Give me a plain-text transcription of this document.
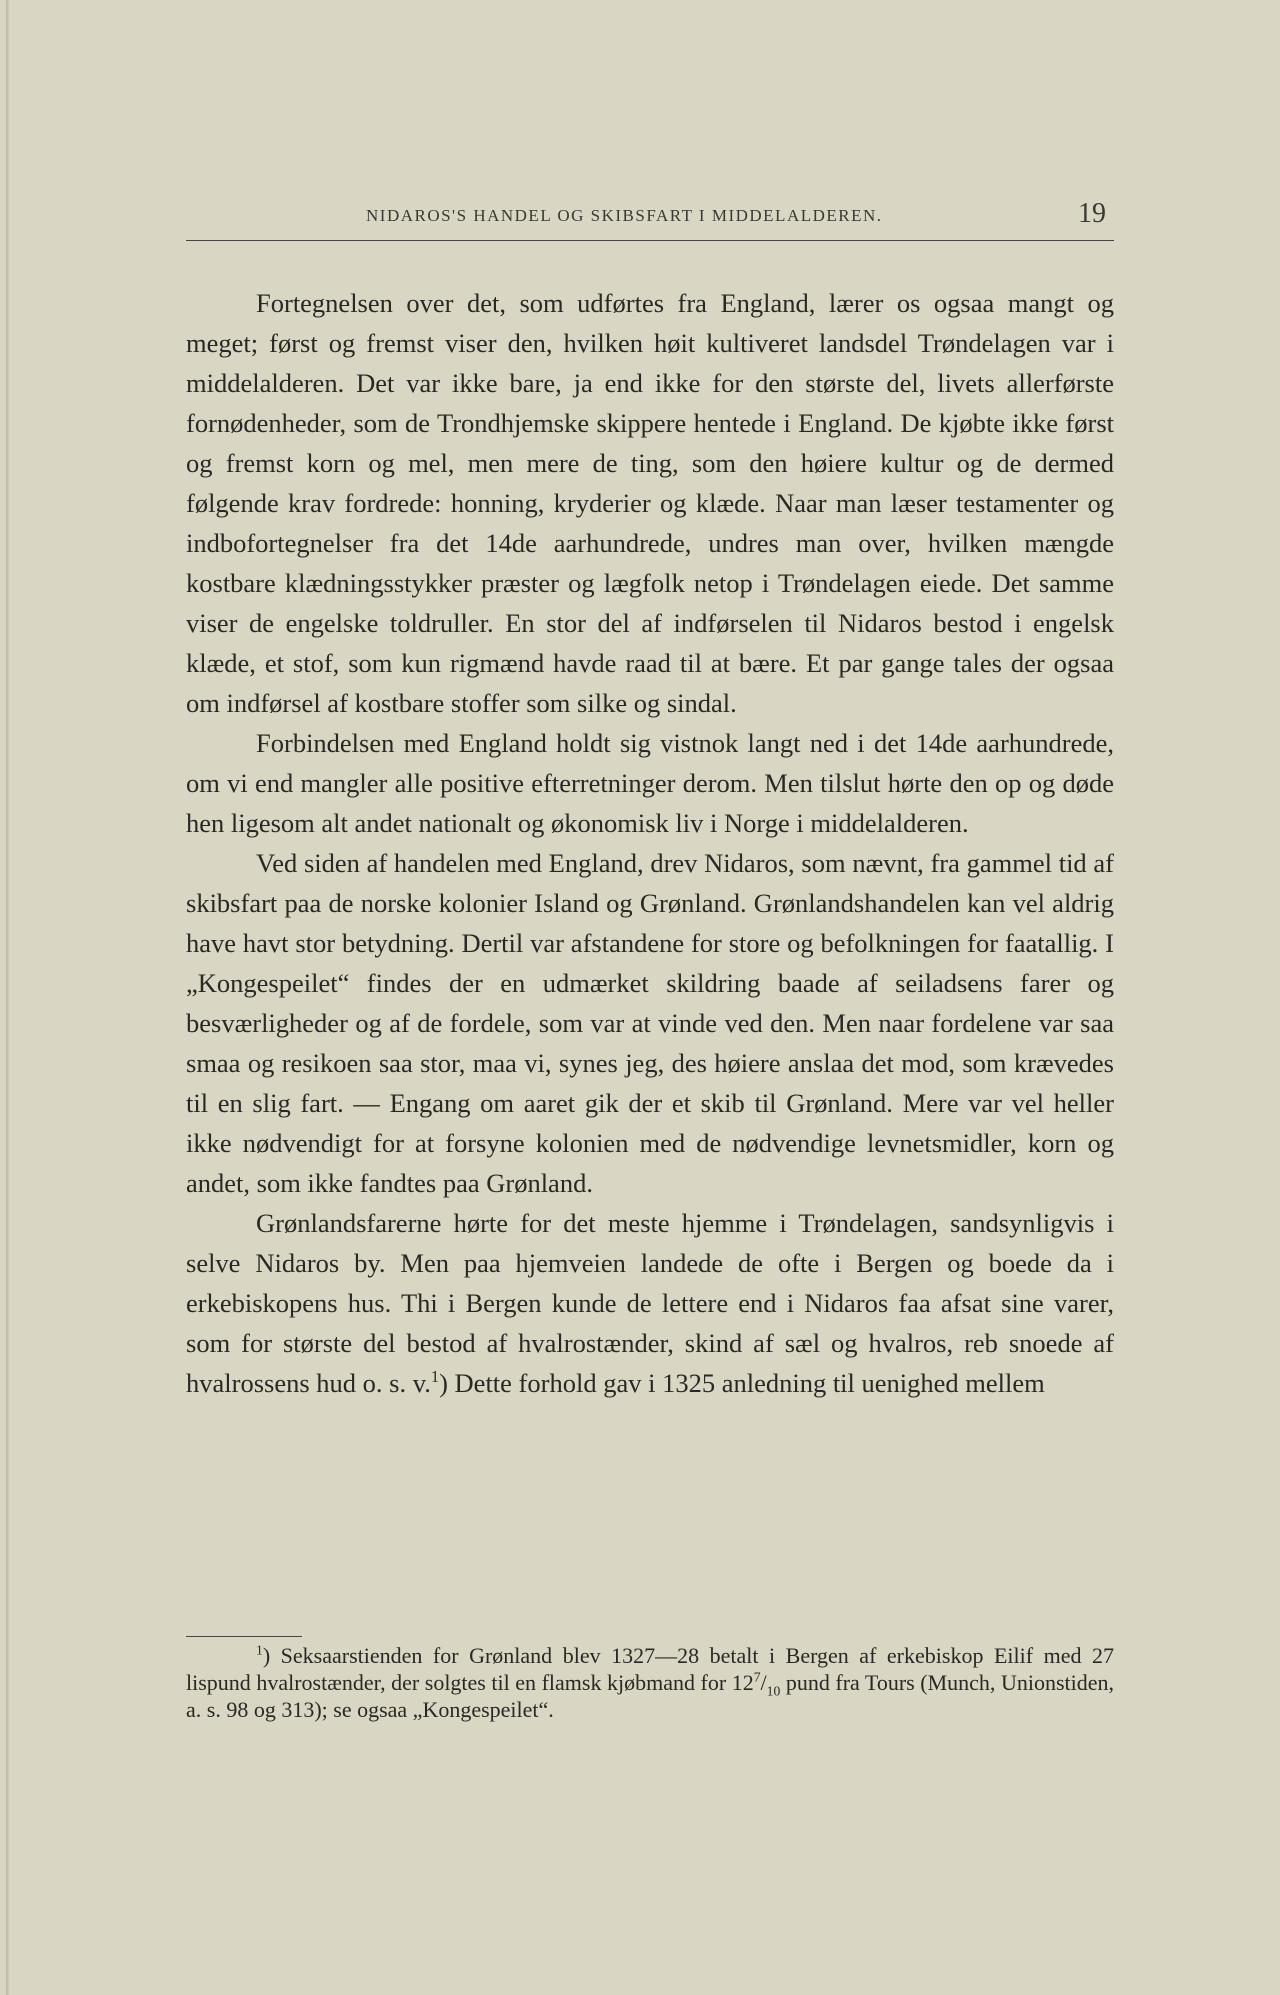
NIDAROS'S HANDEL OG SKIBSFART I MIDDELALDEREN.	19

Fortegnelsen over det, som udførtes fra England, lærer os ogsaa mangt og meget; først og fremst viser den, hvilken høit kultiveret landsdel Trøndelagen var i middelalderen. Det var ikke bare, ja end ikke for den største del, livets allerførste fornødenheder, som de Trondhjemske skippere hentede i England. De kjøbte ikke først og fremst korn og mel, men mere de ting, som den høiere kultur og de dermed følgende krav fordrede: honning, kryderier og klæde. Naar man læser testamenter og indbofortegnelser fra det 14de aarhundrede, undres man over, hvilken mængde kostbare klædningsstykker præster og lægfolk netop i Trøndelagen eiede. Det samme viser de engelske toldruller. En stor del af indførselen til Nidaros bestod i engelsk klæde, et stof, som kun rigmænd havde raad til at bære. Et par gange tales der ogsaa om indførsel af kostbare stoffer som silke og sindal.

Forbindelsen med England holdt sig vistnok langt ned i det 14de aarhundrede, om vi end mangler alle positive efterretninger derom. Men tilslut hørte den op og døde hen ligesom alt andet nationalt og økonomisk liv i Norge i middelalderen.

Ved siden af handelen med England, drev Nidaros, som nævnt, fra gammel tid af skibsfart paa de norske kolonier Island og Grønland. Grønlandshandelen kan vel aldrig have havt stor betydning. Dertil var afstandene for store og befolkningen for faatallig. I „Kongespeilet“ findes der en udmærket skildring baade af seiladsens farer og besværligheder og af de fordele, som var at vinde ved den. Men naar fordelene var saa smaa og resikoen saa stor, maa vi, synes jeg, des høiere anslaa det mod, som krævedes til en slig fart. — Engang om aaret gik der et skib til Grønland. Mere var vel heller ikke nødvendigt for at forsyne kolonien med de nødvendige levnetsmidler, korn og andet, som ikke fandtes paa Grønland.

Grønlandsfarerne hørte for det meste hjemme i Trøndelagen, sandsynligvis i selve Nidaros by. Men paa hjemveien landede de ofte i Bergen og boede da i erkebiskopens hus. Thi i Bergen kunde de lettere end i Nidaros faa afsat sine varer, som for største del bestod af hvalrostænder, skind af sæl og hvalros, reb snoede af hvalrossens hud o. s. v.$^1$) Dette forhold gav i 1325 anledning til uenighed mellem

$^1$) Seksaarstienden for Grønland blev 1327—28 betalt i Bergen af erkebiskop Eilif med 27 lispund hvalrostænder, der solgtes til en flamsk kjøbmand for $12^7/_{10}$ pund fra Tours (Munch, Unionstiden, a. s. 98 og 313); se ogsaa „Kongespeilet“.
